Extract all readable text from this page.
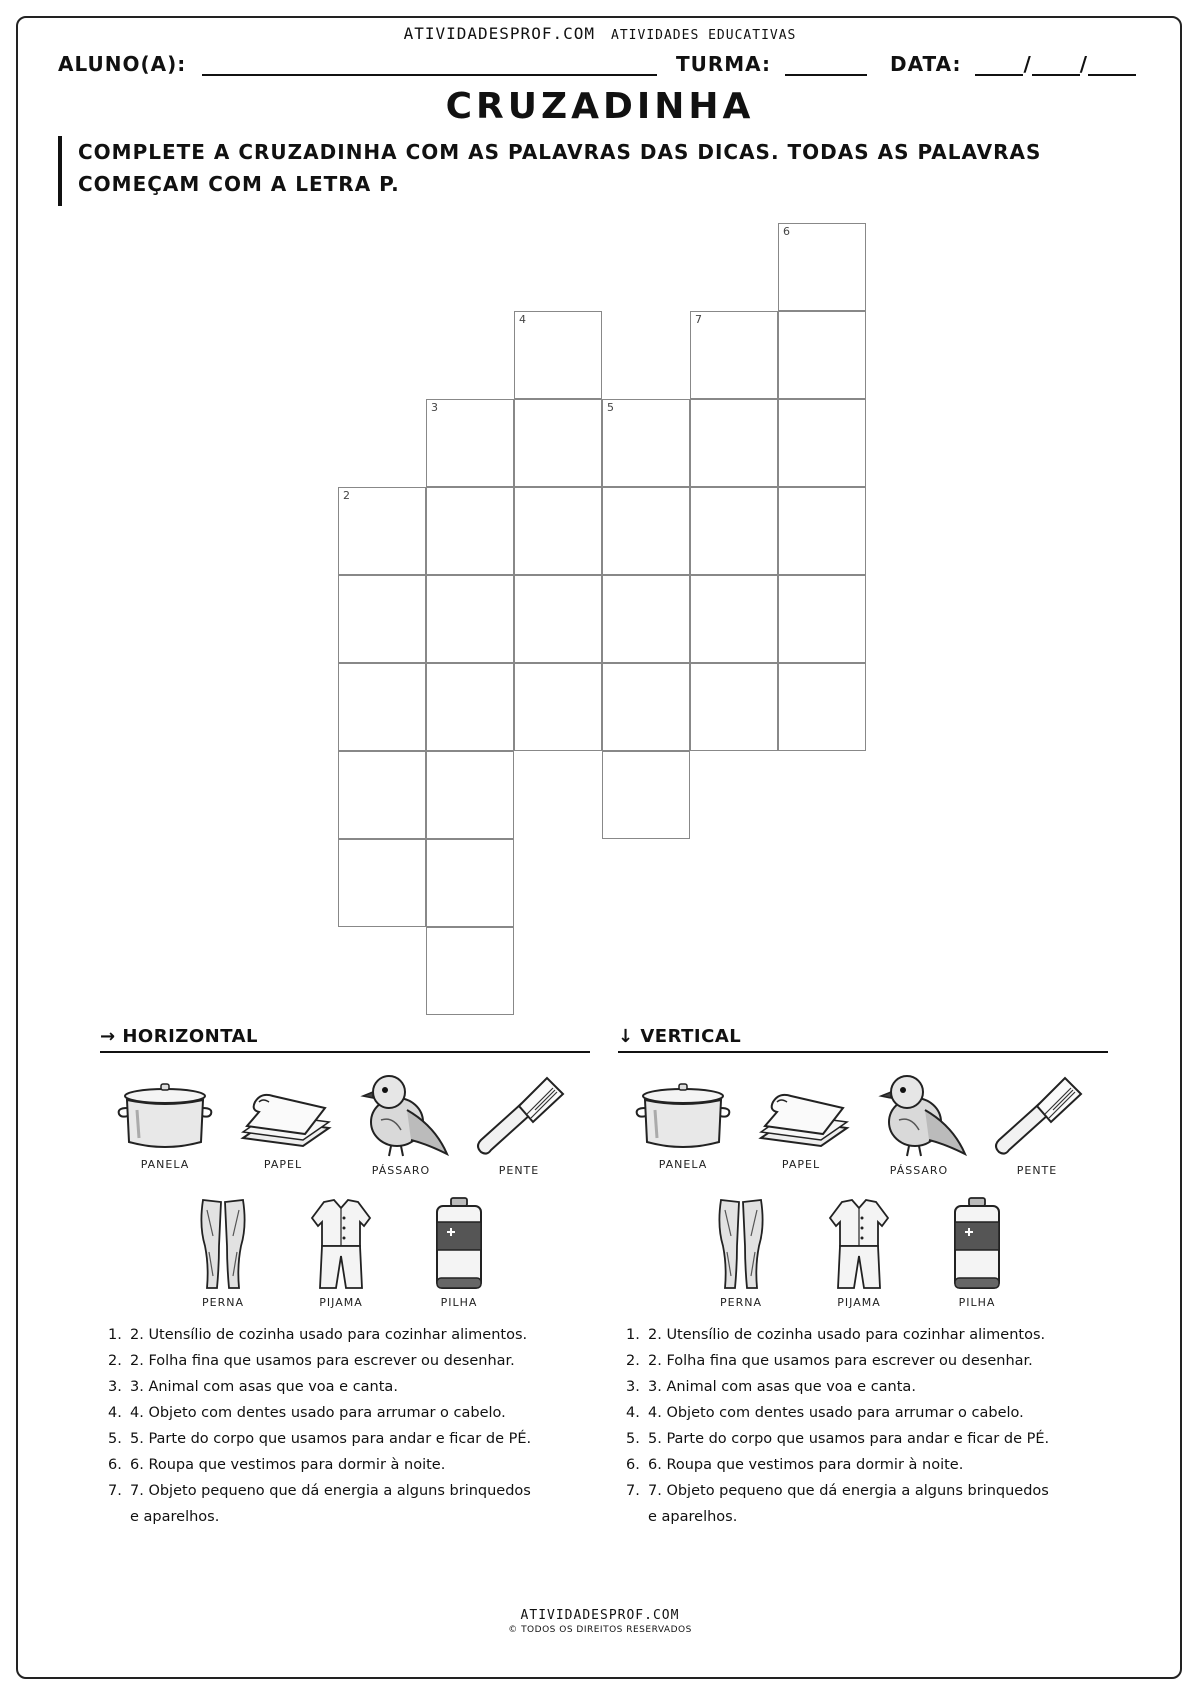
ATIVIDADESPROF.COM ATIVIDADES EDUCATIVAS
ALUNO(A):	TURMA:	DATA:	/ /
CRUZADINHA
COMPLETE A CRUZADINHA COM AS PALAVRAS DAS DICAS. TODAS AS PALAVRAS COMEÇAM COM A LETRA P.
6
4	7
3	5
2
→ HORIZONTAL	↓ VERTICAL
PANELA	PAPEL	PÁSSARO	PENTE
PERNA	PIJAMA	PILHA
PANELA	PAPEL	PÁSSARO	PENTE
PERNA	PIJAMA	PILHA
1. 2. Utensílio de cozinha usado para cozinhar alimentos.
2. 2. Folha fina que usamos para escrever ou desenhar.
3. 3. Animal com asas que voa e canta.
4. 4. Objeto com dentes usado para arrumar o cabelo.
5. 5. Parte do corpo que usamos para andar e ficar de PÉ.
6. 6. Roupa que vestimos para dormir à noite.
7. 7. Objeto pequeno que dá energia a alguns brinquedos e aparelhos.
1. 2. Utensílio de cozinha usado para cozinhar alimentos.
2. 2. Folha fina que usamos para escrever ou desenhar.
3. 3. Animal com asas que voa e canta.
4. 4. Objeto com dentes usado para arrumar o cabelo.
5. 5. Parte do corpo que usamos para andar e ficar de PÉ.
6. 6. Roupa que vestimos para dormir à noite.
7. 7. Objeto pequeno que dá energia a alguns brinquedos e aparelhos.
ATIVIDADESPROF.COM
© TODOS OS DIREITOS RESERVADOS
